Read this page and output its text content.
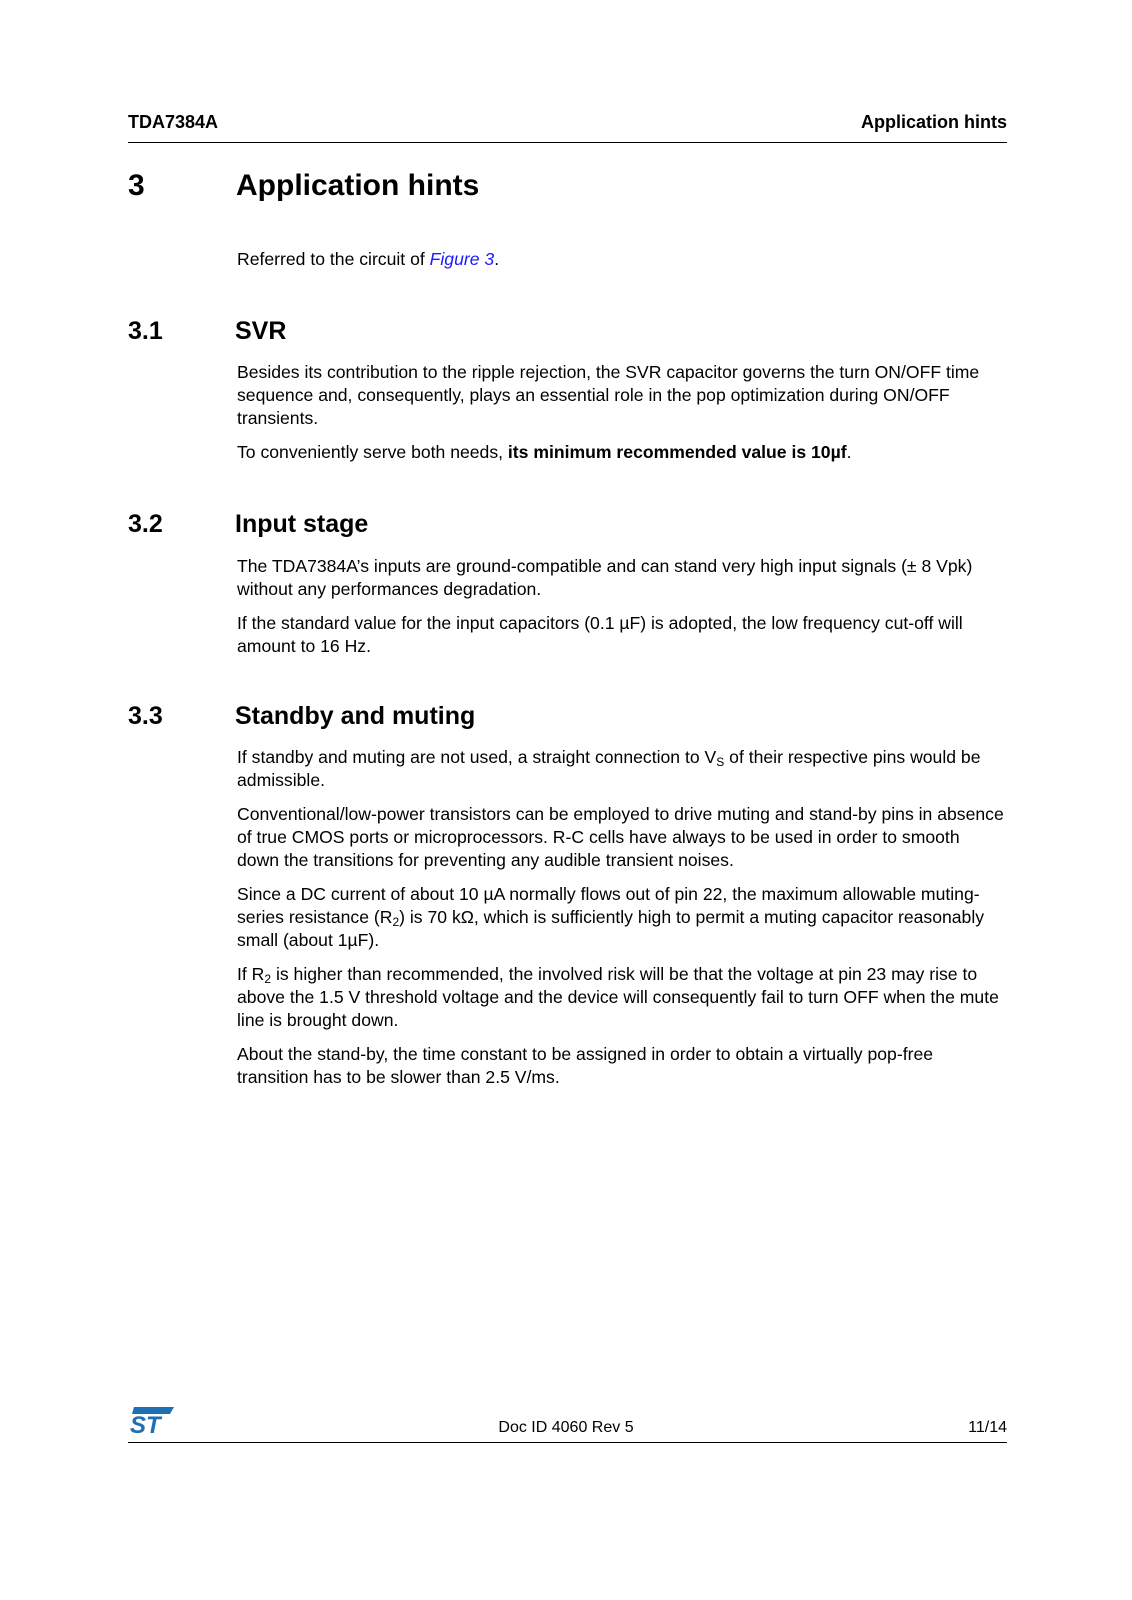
TDA7384A	Application hints
3	Application hints

Referred to the circuit of Figure 3.

3.1	SVR

Besides its contribution to the ripple rejection, the SVR capacitor governs the turn ON/OFF time sequence and, consequently, plays an essential role in the pop optimization during ON/OFF transients.

To conveniently serve both needs, its minimum recommended value is 10µf.

3.2	Input stage

The TDA7384A’s inputs are ground-compatible and can stand very high input signals (± 8 Vpk) without any performances degradation.

If the standard value for the input capacitors (0.1 µF) is adopted, the low frequency cut-off will amount to 16 Hz.

3.3	Standby and muting

If standby and muting are not used, a straight connection to $V_S$ of their respective pins would be admissible.

Conventional/low-power transistors can be employed to drive muting and stand-by pins in absence of true CMOS ports or microprocessors. R-C cells have always to be used in order to smooth down the transitions for preventing any audible transient noises.

Since a DC current of about 10 µA normally flows out of pin 22, the maximum allowable muting-series resistance $(R_2)$ is 70 kΩ, which is sufficiently high to permit a muting capacitor reasonably small (about 1µF).

If $R_2$ is higher than recommended, the involved risk will be that the voltage at pin 23 may rise to above the 1.5 V threshold voltage and the device will consequently fail to turn OFF when the mute line is brought down.

About the stand-by, the time constant to be assigned in order to obtain a virtually pop-free transition has to be slower than 2.5 V/ms.

ST	Doc ID 4060 Rev 5	11/14
